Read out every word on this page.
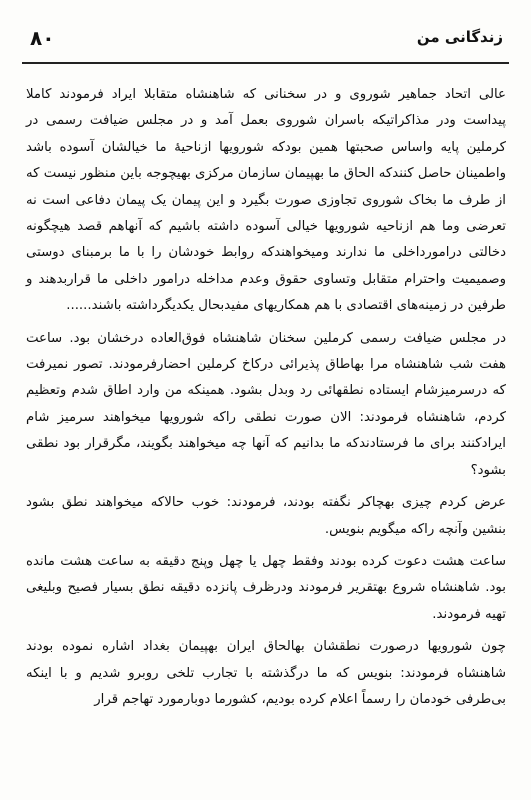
زندگانی من
۸۰

عالی اتحاد جماهیر شوروی و در سخنانی که شاهنشاه متقابلا ایراد فرمودند کاملا پیداست ودر مذاکراتیکه باسران شوروی بعمل آمد و در مجلس ضیافت رسمی در کرملین پایه واساس صحبتها همین بودکه شورویها ازناحیهٔ ما خیالشان آسوده باشد واطمینان حاصل کنندکه الحاق ما بهپیمان سازمان مرکزی بهیچوجه باین منظور نیست که از طرف ما بخاک شوروی تجاوزی صورت بگیرد و این پیمان یک پیمان دفاعی است نه تعرضی وما هم ازناحیه شورویها خیالی آسوده داشته باشیم که آنهاهم قصد هیچگونه دخالتی درامورداخلی ما ندارند ومیخواهندکه روابط خودشان را با ما برمبنای دوستی وصمیمیت واحترام متقابل وتساوی حقوق وعدم مداخله درامور داخلی ما قراربدهند و طرفین در زمینه‌های اقتصادی با هم همکاریهای مفیدبحال یکدیگرداشته باشند......

در مجلس ضیافت رسمی کرملین سخنان شاهنشاه فوق‌العاده درخشان بود. ساعت هفت شب شاهنشاه مرا بهاطاق پذیرائی درکاخ کرملین احضارفرمودند. تصور نمیرفت که درسرمیزشام ایستاده نطقهائی رد وبدل بشود. همینکه من وارد اطاق شدم وتعظیم کردم، شاهنشاه فرمودند: الان صورت نطقی راکه شورویها میخواهند سرمیز شام ایرادکنند برای ما فرستادندکه ما بدانیم که آنها چه میخواهند بگویند، مگرقرار بود نطقی بشود؟

عرض کردم چیزی بهچاکر نگفته بودند، فرمودند: خوب حالاکه میخواهند نطق بشود بنشین وآنچه راکه میگویم بنویس.

ساعت هشت دعوت کرده بودند وفقط چهل یا چهل وپنج دقیقه به ساعت هشت مانده بود. شاهنشاه شروع بهتقریر فرمودند ودرظرف پانزده دقیقه نطق بسیار فصیح وبلیغی تهیه فرمودند.

چون شورویها درصورت نطقشان بهالحاق ایران بهپیمان بغداد اشاره نموده بودند شاهنشاه فرمودند: بنویس که ما درگذشته با تجارب تلخی روبرو شدیم و با اینکه بی‌طرفی خودمان را رسماً اعلام کرده بودیم، کشورما دوبارمورد تهاجم قرار
